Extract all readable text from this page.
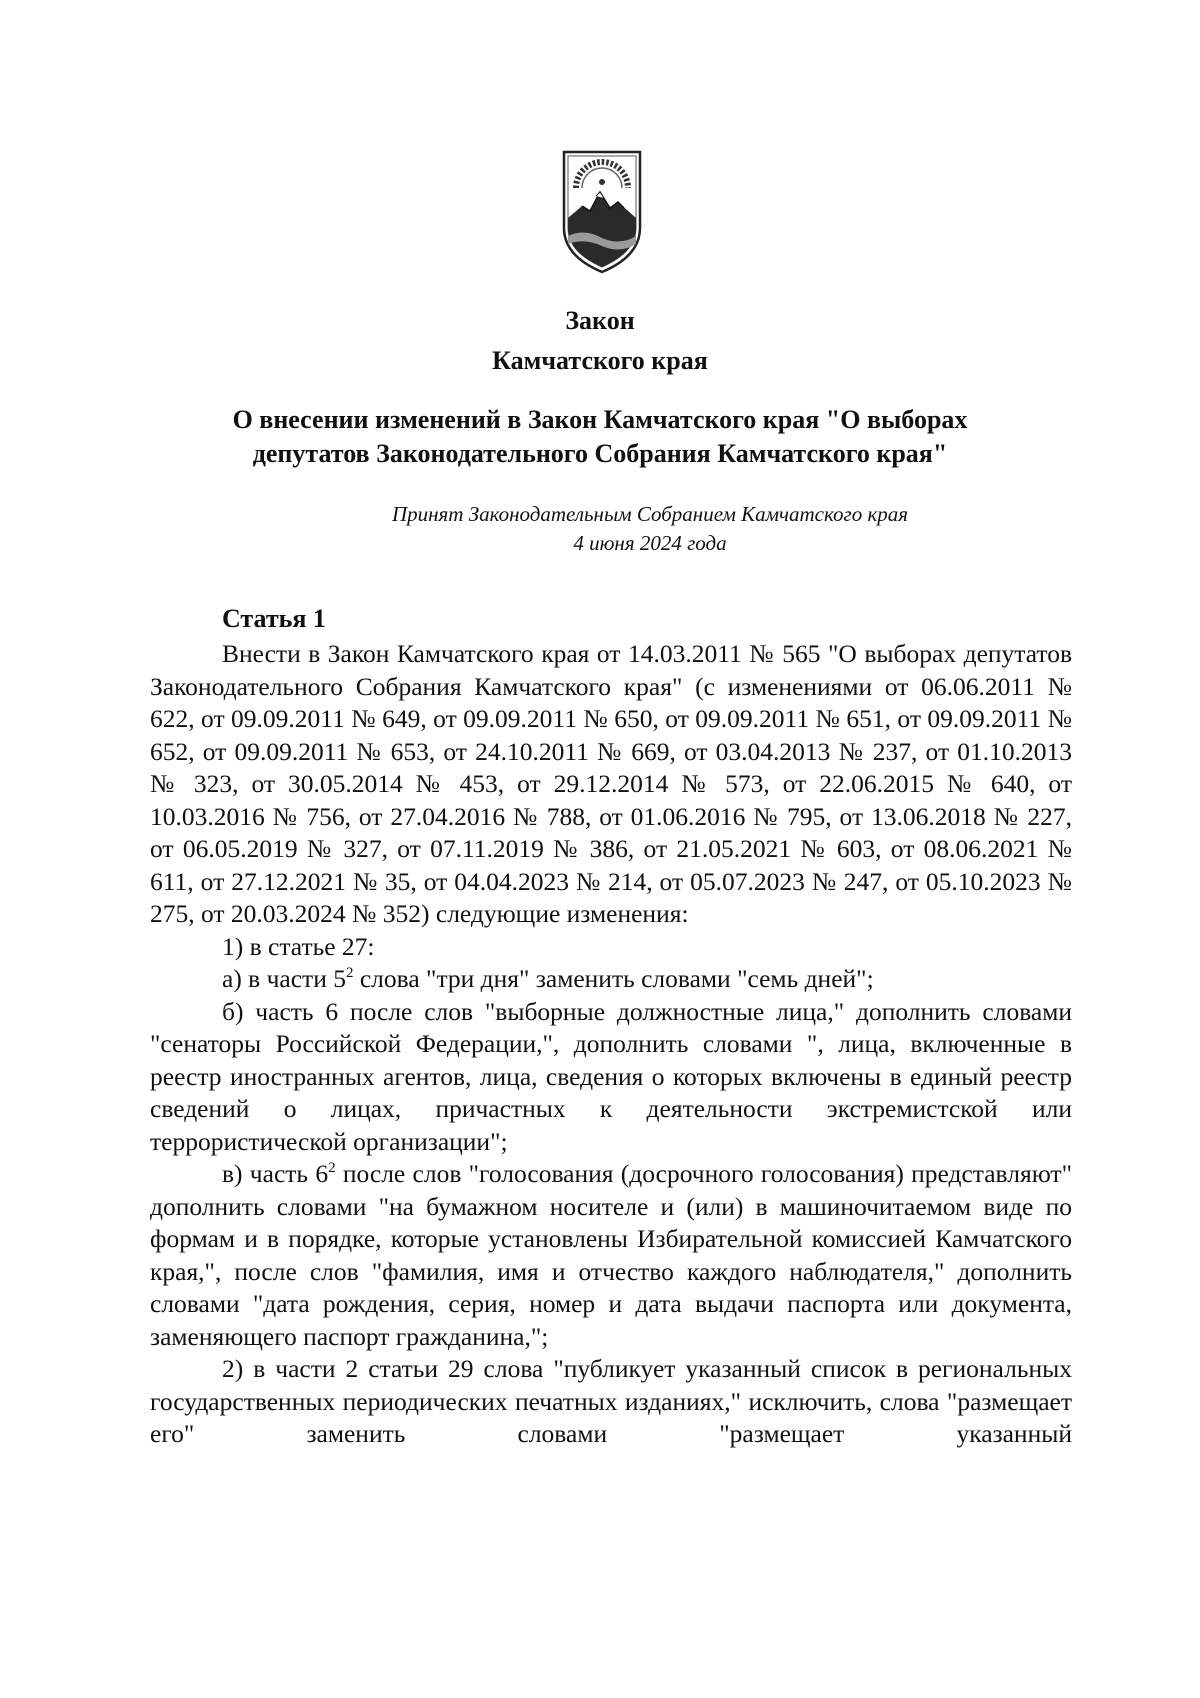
Закон
Камчатского края
О внесении изменений в Закон Камчатского края "О выборах
депутатов Законодательного Собрания Камчатского края"
Принят Законодательным Собранием Камчатского края
4 июня 2024 года
Статья 1

Внести в Закон Камчатского края от 14.03.2011 № 565 "О выборах депутатов Законодательного Собрания Камчатского края" (с изменениями от 06.06.2011 № 622, от 09.09.2011 № 649, от 09.09.2011 № 650, от 09.09.2011 № 651, от 09.09.2011 № 652, от 09.09.2011 № 653, от 24.10.2011 № 669, от 03.04.2013 № 237, от 01.10.2013 № 323, от 30.05.2014 № 453, от 29.12.2014 № 573, от 22.06.2015 № 640, от 10.03.2016 № 756, от 27.04.2016 № 788, от 01.06.2016 № 795, от 13.06.2018 № 227, от 06.05.2019 № 327, от 07.11.2019 № 386, от 21.05.2021 № 603, от 08.06.2021 № 611, от 27.12.2021 № 35, от 04.04.2023 № 214, от 05.07.2023 № 247, от 05.10.2023 № 275, от 20.03.2024 № 352) следующие изменения:

1) в статье 27:

а) в части $5^2$ слова "три дня" заменить словами "семь дней";

б) часть 6 после слов "выборные должностные лица," дополнить словами "сенаторы Российской Федерации,", дополнить словами ", лица, включенные в реестр иностранных агентов, лица, сведения о которых включены в единый реестр сведений о лицах, причастных к деятельности экстремистской или террористической организации";

в) часть $6^2$ после слов "голосования (досрочного голосования) представляют" дополнить словами "на бумажном носителе и (или) в машиночитаемом виде по формам и в порядке, которые установлены Избирательной комиссией Камчатского края,", после слов "фамилия, имя и отчество каждого наблюдателя," дополнить словами "дата рождения, серия, номер и дата выдачи паспорта или документа, заменяющего паспорт гражданина,";

2) в части 2 статьи 29 слова "публикует указанный список в региональных государственных периодических печатных изданиях," исключить, слова "размещает его" заменить словами "размещает указанный
